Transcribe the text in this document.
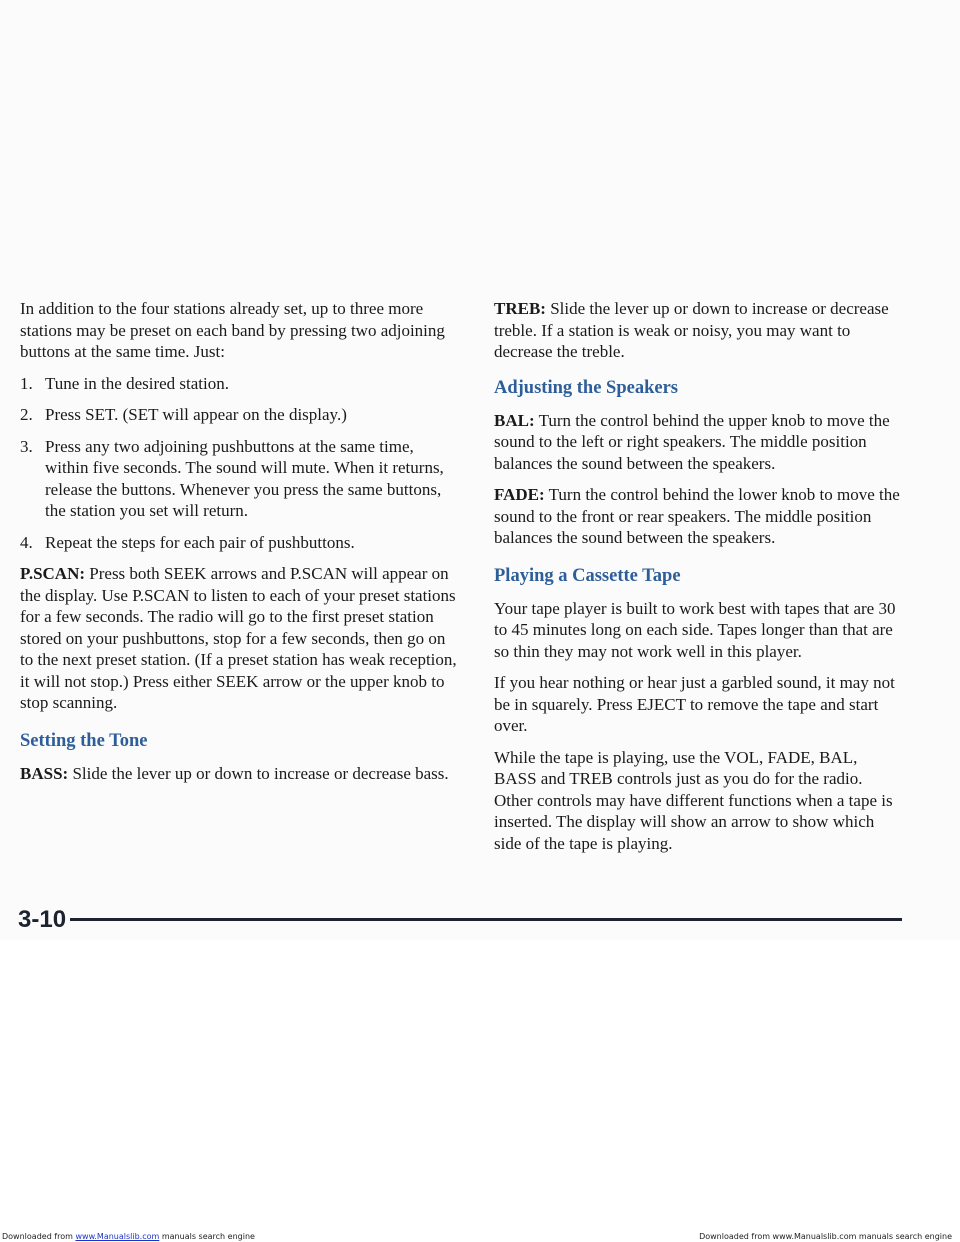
In addition to the four stations already set, up to three more stations may be preset on each band by pressing two adjoining buttons at the same time. Just:

1. Tune in the desired station.
2. Press SET. (SET will appear on the display.)
3. Press any two adjoining pushbuttons at the same time, within five seconds. The sound will mute. When it returns, release the buttons. Whenever you press the same buttons, the station you set will return.
4. Repeat the steps for each pair of pushbuttons.

P.SCAN: Press both SEEK arrows and P.SCAN will appear on the display. Use P.SCAN to listen to each of your preset stations for a few seconds. The radio will go to the first preset station stored on your pushbuttons, stop for a few seconds, then go on to the next preset station. (If a preset station has weak reception, it will not stop.) Press either SEEK arrow or the upper knob to stop scanning.

Setting the Tone

BASS: Slide the lever up or down to increase or decrease bass.

TREB: Slide the lever up or down to increase or decrease treble. If a station is weak or noisy, you may want to decrease the treble.

Adjusting the Speakers

BAL: Turn the control behind the upper knob to move the sound to the left or right speakers. The middle position balances the sound between the speakers.

FADE: Turn the control behind the lower knob to move the sound to the front or rear speakers. The middle position balances the sound between the speakers.

Playing a Cassette Tape

Your tape player is built to work best with tapes that are 30 to 45 minutes long on each side. Tapes longer than that are so thin they may not work well in this player.

If you hear nothing or hear just a garbled sound, it may not be in squarely. Press EJECT to remove the tape and start over.

While the tape is playing, use the VOL, FADE, BAL, BASS and TREB controls just as you do for the radio. Other controls may have different functions when a tape is inserted. The display will show an arrow to show which side of the tape is playing.

3-10
Downloaded from www.Manualslib.com manuals search engine	Downloaded from www.Manualslib.com manuals search engine
